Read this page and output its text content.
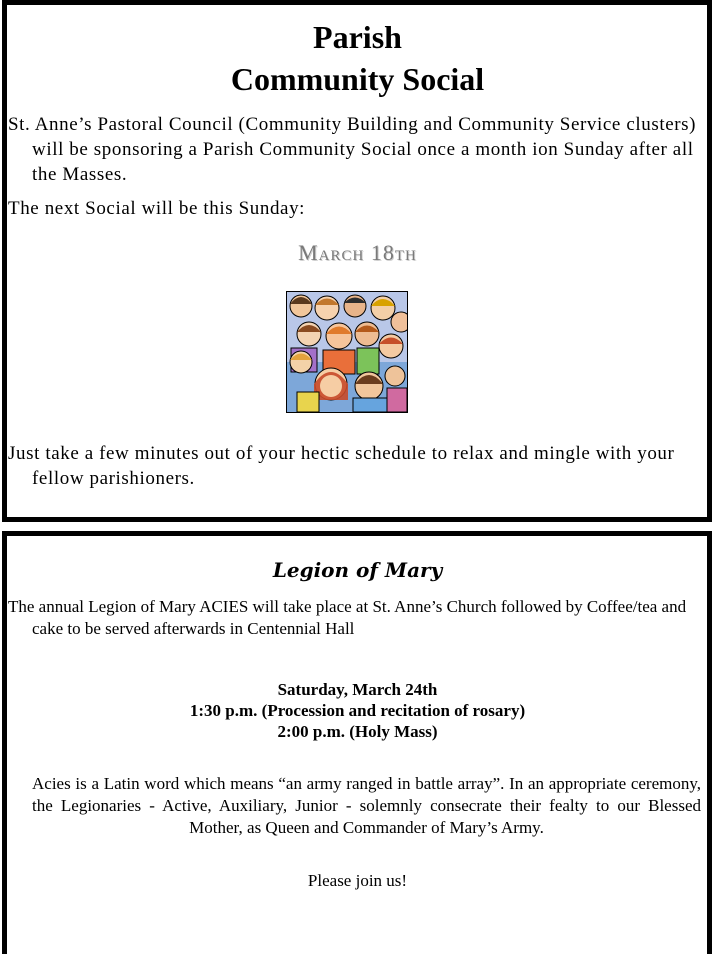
Parish
Community Social
St. Anne’s Pastoral Council (Community Building and Community Service clusters) will be sponsoring a Parish Community Social once a month ion Sunday after all the Masses.
The next Social will be this Sunday:
March 18th
Just take a few minutes out of your hectic schedule to relax and mingle with your fellow parishioners.
Legion of Mary
The annual Legion of Mary ACIES will take place at St. Anne’s Church followed by Coffee/tea and cake to be served afterwards in Centennial Hall
Saturday, March 24th
1:30 p.m. (Procession and recitation of rosary)
2:00 p.m. (Holy Mass)
Acies is a Latin word which means “an army ranged in battle array”. In an appropriate ceremony, the Legionaries - Active, Auxiliary, Junior - solemnly consecrate their fealty to our Blessed Mother, as Queen and Commander of Mary’s Army.
Please join us!
